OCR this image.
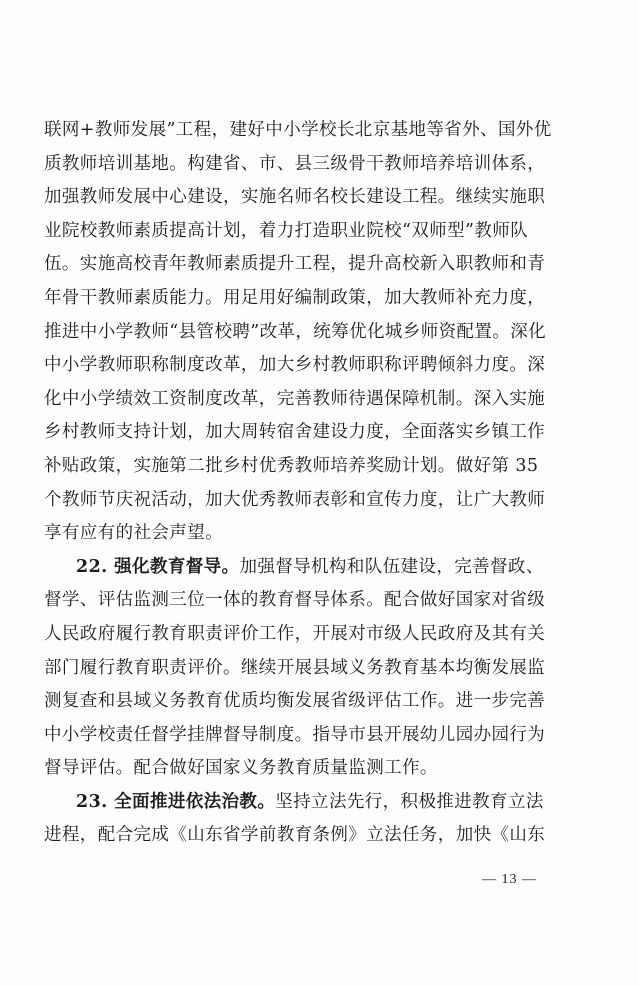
联网+教师发展”工程，建好中小学校长北京基地等省外、国外优
质教师培训基地。构建省、市、县三级骨干教师培养培训体系，
加强教师发展中心建设，实施名师名校长建设工程。继续实施职
业院校教师素质提高计划，着力打造职业院校“双师型”教师队
伍。实施高校青年教师素质提升工程，提升高校新入职教师和青
年骨干教师素质能力。用足用好编制政策，加大教师补充力度，
推进中小学教师“县管校聘”改革，统筹优化城乡师资配置。深化
中小学教师职称制度改革，加大乡村教师职称评聘倾斜力度。深
化中小学绩效工资制度改革，完善教师待遇保障机制。深入实施
乡村教师支持计划，加大周转宿舍建设力度，全面落实乡镇工作
补贴政策，实施第二批乡村优秀教师培养奖励计划。做好第 35
个教师节庆祝活动，加大优秀教师表彰和宣传力度，让广大教师
享有应有的社会声望。
22. 强化教育督导。加强督导机构和队伍建设，完善督政、
督学、评估监测三位一体的教育督导体系。配合做好国家对省级
人民政府履行教育职责评价工作，开展对市级人民政府及其有关
部门履行教育职责评价。继续开展县域义务教育基本均衡发展监
测复查和县域义务教育优质均衡发展省级评估工作。进一步完善
中小学校责任督学挂牌督导制度。指导市县开展幼儿园办园行为
督导评估。配合做好国家义务教育质量监测工作。
23. 全面推进依法治教。坚持立法先行，积极推进教育立法
进程，配合完成《山东省学前教育条例》立法任务，加快《山东
— 13 —
